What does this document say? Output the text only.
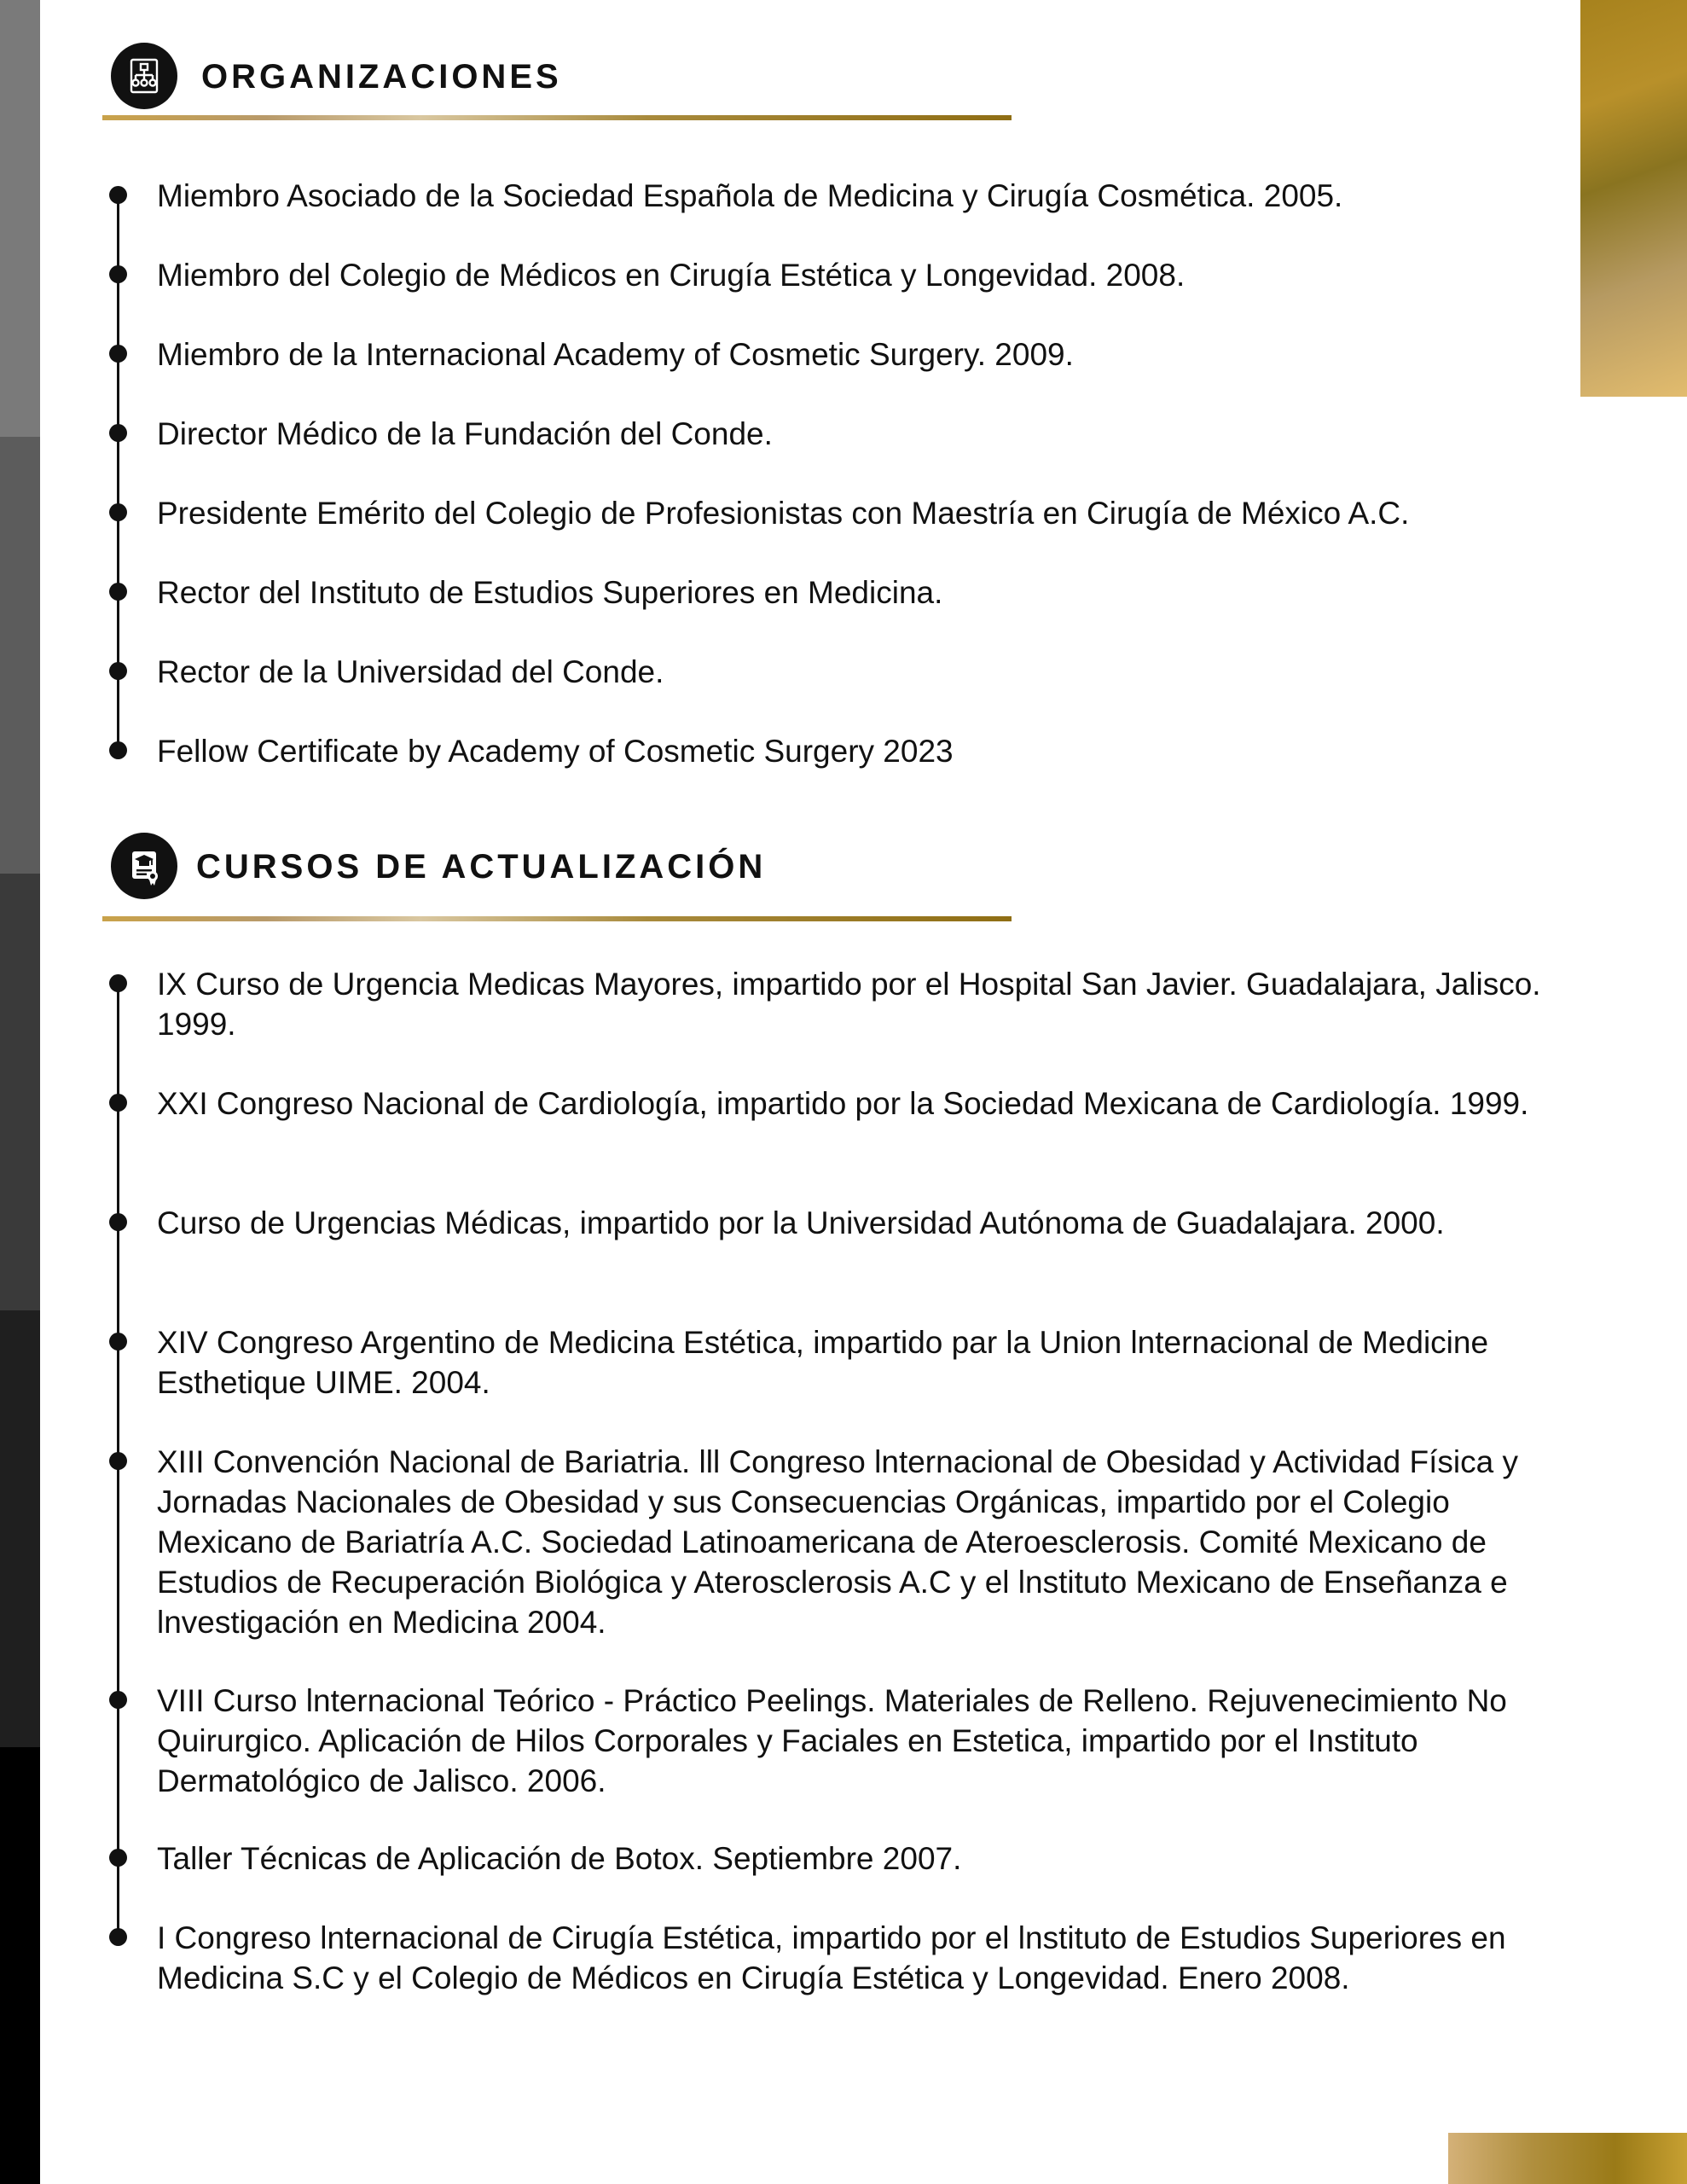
ORGANIZACIONES
Miembro Asociado de la Sociedad Española de Medicina y Cirugía Cosmética. 2005.
Miembro del Colegio de Médicos en Cirugía Estética y Longevidad. 2008.
Miembro de la Internacional Academy of Cosmetic Surgery. 2009.
Director Médico de la Fundación del Conde.
Presidente Emérito del Colegio de Profesionistas con Maestría en Cirugía de México A.C.
Rector del Instituto de Estudios Superiores en Medicina.
Rector de la Universidad del Conde.
Fellow Certificate by Academy of Cosmetic Surgery 2023
CURSOS DE ACTUALIZACIÓN
IX Curso de Urgencia Medicas Mayores, impartido por el Hospital San Javier. Guadalajara, Jalisco. 1999.
XXI Congreso Nacional de Cardiología, impartido por la Sociedad Mexicana de Cardiología. 1999.
Curso de Urgencias Médicas, impartido por la Universidad Autónoma de Guadalajara. 2000.
XIV Congreso Argentino de Medicina Estética, impartido par la Union lnternacional de Medicine Esthetique UIME. 2004.
XIII Convención Nacional de Bariatria. lll Congreso lnternacional de Obesidad y Actividad Física y Jornadas Nacionales de Obesidad y sus Consecuencias Orgánicas, impartido por el Colegio Mexicano de Bariatría A.C. Sociedad Latinoamericana de Ateroesclerosis. Comité Mexicano de Estudios de Recuperación Biológica y Aterosclerosis A.C y el lnstituto Mexicano de Enseñanza e lnvestigación en Medicina 2004.
VIII Curso lnternacional Teórico - Práctico Peelings. Materiales de Relleno. Rejuvenecimiento No Quirurgico. Aplicación de Hilos Corporales y Faciales en Estetica, impartido por el Instituto Dermatológico de Jalisco. 2006.
Taller Técnicas de Aplicación de Botox. Septiembre 2007.
I Congreso lnternacional de Cirugía Estética, impartido por el lnstituto de Estudios Superiores en Medicina S.C y el Colegio de Médicos en Cirugía Estética y Longevidad. Enero 2008.
